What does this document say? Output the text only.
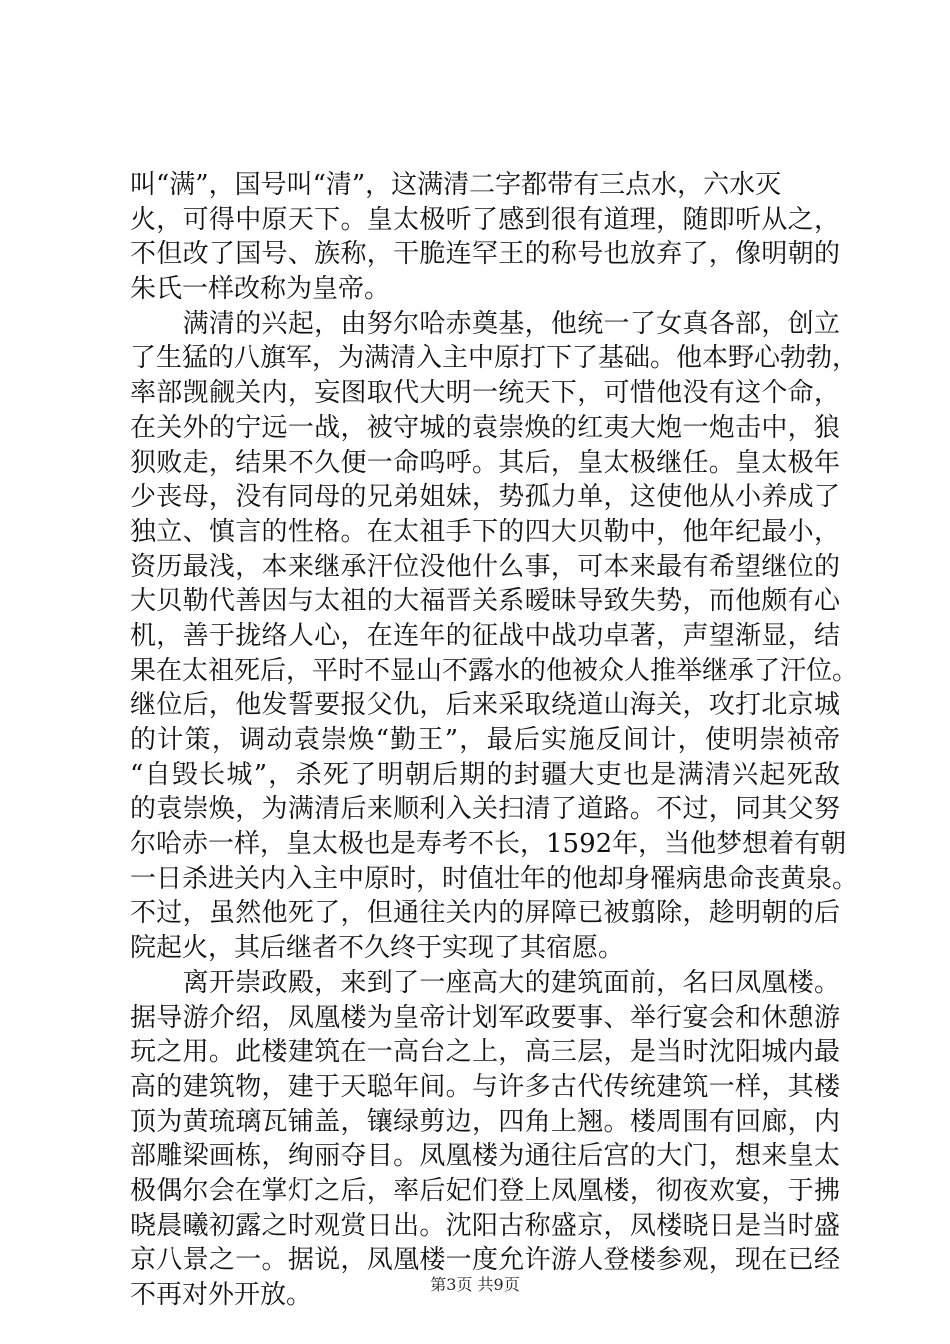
叫“满”，国号叫“清”，这满清二字都带有三点水，六水灭
火，可得中原天下。皇太极听了感到很有道理，随即听从之，
不但改了国号、族称，干脆连罕王的称号也放弃了，像明朝的
朱氏一样改称为皇帝。
　　满清的兴起，由努尔哈赤奠基，他统一了女真各部，创立
了生猛的八旗军，为满清入主中原打下了基础。他本野心勃勃，
率部觊觎关内，妄图取代大明一统天下，可惜他没有这个命，
在关外的宁远一战，被守城的袁崇焕的红夷大炮一炮击中，狼
狈败走，结果不久便一命呜呼。其后，皇太极继任。皇太极年
少丧母，没有同母的兄弟姐妹，势孤力单，这使他从小养成了
独立、慎言的性格。在太祖手下的四大贝勒中，他年纪最小，
资历最浅，本来继承汗位没他什么事，可本来最有希望继位的
大贝勒代善因与太祖的大福晋关系暧昧导致失势，而他颇有心
机，善于拢络人心，在连年的征战中战功卓著，声望渐显，结
果在太祖死后，平时不显山不露水的他被众人推举继承了汗位。
继位后，他发誓要报父仇，后来采取绕道山海关，攻打北京城
的计策，调动袁崇焕“勤王”，最后实施反间计，使明崇祯帝
“自毁长城”，杀死了明朝后期的封疆大吏也是满清兴起死敌
的袁崇焕，为满清后来顺利入关扫清了道路。不过，同其父努
尔哈赤一样，皇太极也是寿考不长，1592年，当他梦想着有朝
一日杀进关内入主中原时，时值壮年的他却身罹病患命丧黄泉。
不过，虽然他死了，但通往关内的屏障已被翦除，趁明朝的后
院起火，其后继者不久终于实现了其宿愿。
　　离开崇政殿，来到了一座高大的建筑面前，名曰凤凰楼。
据导游介绍，凤凰楼为皇帝计划军政要事、举行宴会和休憩游
玩之用。此楼建筑在一高台之上，高三层，是当时沈阳城内最
高的建筑物，建于天聪年间。与许多古代传统建筑一样，其楼
顶为黄琉璃瓦铺盖，镶绿剪边，四角上翘。楼周围有回廊，内
部雕梁画栋，绚丽夺目。凤凰楼为通往后宫的大门，想来皇太
极偶尔会在掌灯之后，率后妃们登上凤凰楼，彻夜欢宴，于拂
晓晨曦初露之时观赏日出。沈阳古称盛京，凤楼晓日是当时盛
京八景之一。据说，凤凰楼一度允许游人登楼参观，现在已经
不再对外开放。	第3页 共9页
